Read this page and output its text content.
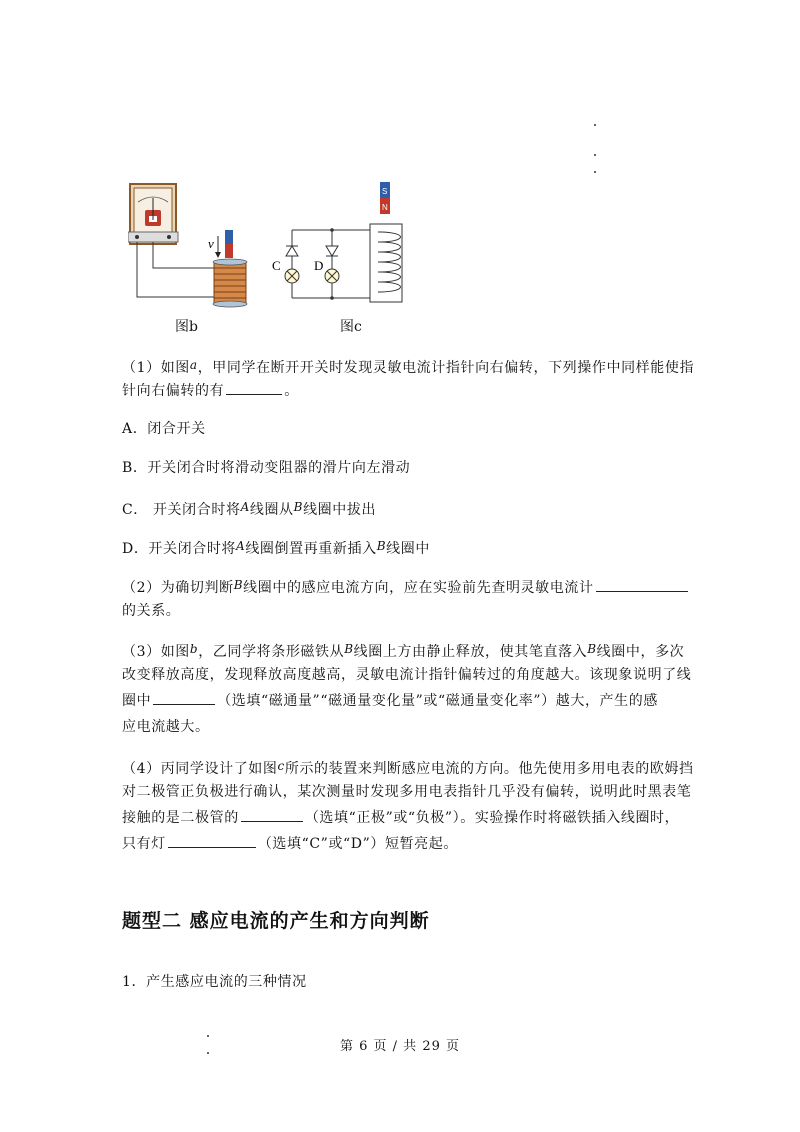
v
图b
S
N
C	D
图c
（1）如图a，甲同学在断开开关时发现灵敏电流计指针向右偏转，下列操作中同样能使指
针向右偏转的有	。
A．闭合开关
B．开关闭合时将滑动变阻器的滑片向左滑动
C． 开关闭合时将A线圈从B线圈中拔出
D．开关闭合时将A线圈倒置再重新插入B线圈中
（2）为确切判断B线圈中的感应电流方向，应在实验前先查明灵敏电流计
的关系。
（3）如图b，乙同学将条形磁铁从B线圈上方由静止释放，使其笔直落入B线圈中，多次
改变释放高度，发现释放高度越高，灵敏电流计指针偏转过的角度越大。该现象说明了线
圈中	（选填“磁通量”“磁通量变化量”或“磁通量变化率”）越大，产生的感
应电流越大。
（4）丙同学设计了如图c所示的装置来判断感应电流的方向。他先使用多用电表的欧姆挡
对二极管正负极进行确认，某次测量时发现多用电表指针几乎没有偏转，说明此时黑表笔
接触的是二极管的	（选填“正极”或“负极”）。实验操作时将磁铁插入线圈时，
只有灯	（选填“C”或“D”）短暂亮起。
题型二 感应电流的产生和方向判断
1．产生感应电流的三种情况
第 6 页 / 共 29 页
